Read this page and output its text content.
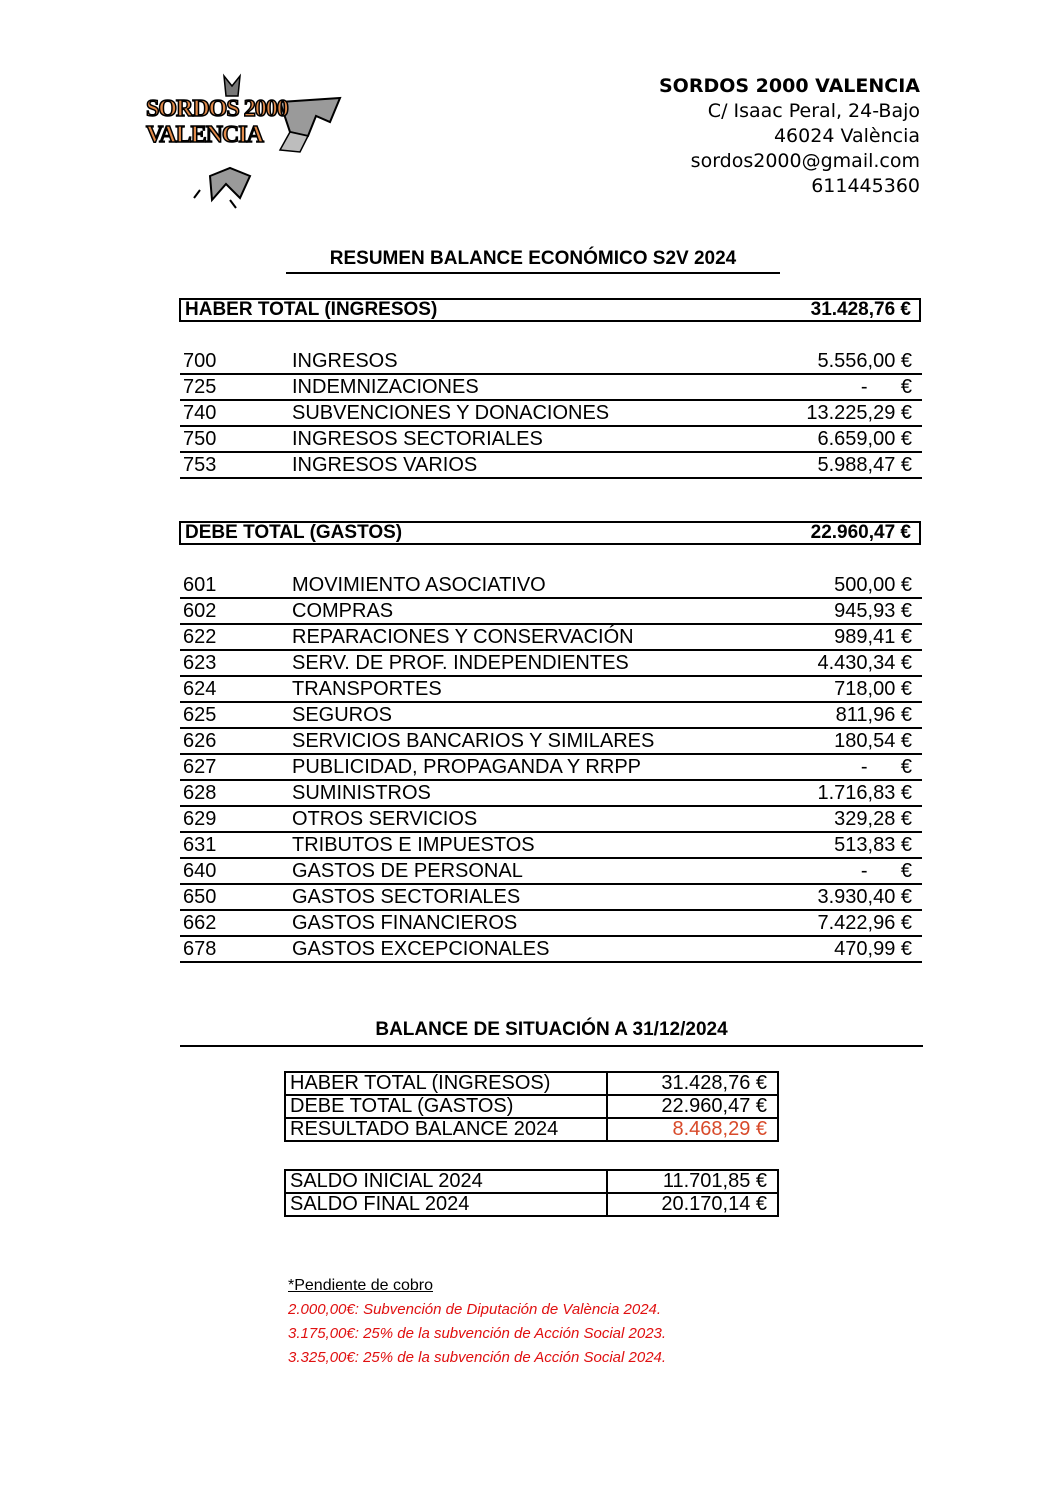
SORDOS 2000 VALENCIA
SORDOS 2000 VALENCIA
C/ Isaac Peral, 24-Bajo
46024 València
sordos2000@gmail.com
611445360
RESUMEN BALANCE ECONÓMICO S2V 2024
HABER TOTAL (INGRESOS)	31.428,76 €
700	INGRESOS	5.556,00 €
725	INDEMNIZACIONES	-      €
740	SUBVENCIONES Y DONACIONES	13.225,29 €
750	INGRESOS SECTORIALES	6.659,00 €
753	INGRESOS VARIOS	5.988,47 €
DEBE TOTAL (GASTOS)	22.960,47 €
601	MOVIMIENTO ASOCIATIVO	500,00 €
602	COMPRAS	945,93 €
622	REPARACIONES Y CONSERVACIÓN	989,41 €
623	SERV. DE PROF. INDEPENDIENTES	4.430,34 €
624	TRANSPORTES	718,00 €
625	SEGUROS	811,96 €
626	SERVICIOS BANCARIOS Y SIMILARES	180,54 €
627	PUBLICIDAD, PROPAGANDA Y RRPP	-      €
628	SUMINISTROS	1.716,83 €
629	OTROS SERVICIOS	329,28 €
631	TRIBUTOS E IMPUESTOS	513,83 €
640	GASTOS DE PERSONAL	-      €
650	GASTOS SECTORIALES	3.930,40 €
662	GASTOS FINANCIEROS	7.422,96 €
678	GASTOS EXCEPCIONALES	470,99 €
BALANCE DE SITUACIÓN A 31/12/2024
HABER TOTAL (INGRESOS)	31.428,76 €
DEBE TOTAL (GASTOS)	22.960,47 €
RESULTADO BALANCE 2024	8.468,29 €
SALDO INICIAL 2024	11.701,85 €
SALDO FINAL 2024	20.170,14 €
*Pendiente de cobro
2.000,00€: Subvención de Diputación de València 2024.
3.175,00€: 25% de la subvención de Acción Social 2023.
3.325,00€: 25% de la subvención de Acción Social 2024.
